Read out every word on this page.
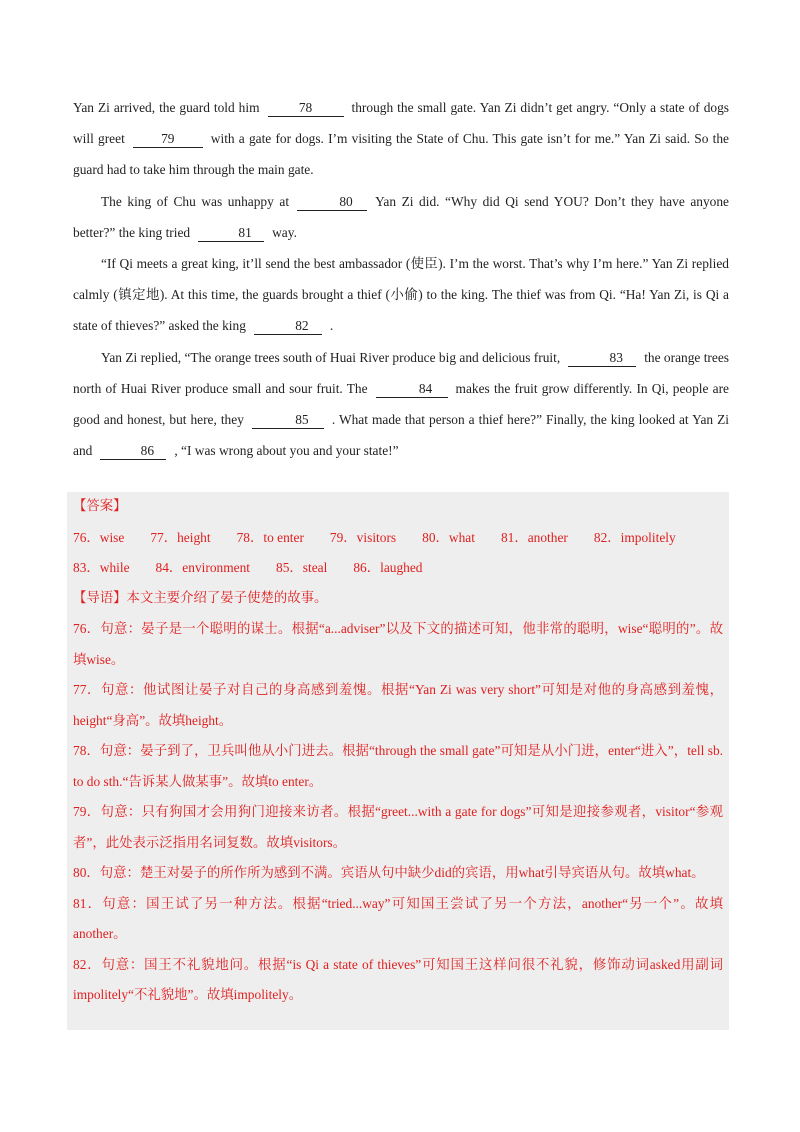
Yan Zi arrived, the guard told him	78	through the small gate. Yan Zi didn’t get angry. “Only a state of dogs will greet	79	with a gate for dogs. I’m visiting the State of Chu. This gate isn’t for me.” Yan Zi said. So the guard had to take him through the main gate.

The king of Chu was unhappy at	80 Yan Zi did. “Why did Qi send YOU? Don’t they have anyone better?” the king tried	81 way.

“If Qi meets a great king, it’ll send the best ambassador (使臣). I’m the worst. That’s why I’m here.” Yan Zi replied calmly (镇定地). At this time, the guards brought a thief (小偷) to the king. The thief was from Qi. “Ha! Yan Zi, is Qi a state of thieves?” asked the king	82 .

Yan Zi replied, “The orange trees south of Huai River produce big and delicious fruit,	83 the orange trees north of Huai River produce small and sour fruit. The	84 makes the fruit grow differently. In Qi, people are good and honest, but here, they	85 . What made that person a thief here?” Finally, the king looked at Yan Zi and	86 , “I was wrong about you and your state!”

【答案】
76．wise 77．height 78．to enter 79．visitors 80．what 81．another 82．impolitely
83．while 84．environment 85．steal 86．laughed
【导语】本文主要介绍了晏子使楚的故事。
76．句意：晏子是一个聪明的谋士。根据“a...adviser”以及下文的描述可知，他非常的聪明，wise“聪明的”。故填wise。
77．句意：他试图让晏子对自己的身高感到羞愧。根据“Yan Zi was very short”可知是对他的身高感到羞愧，height“身高”。故填height。
78．句意：晏子到了，卫兵叫他从小门进去。根据“through the small gate”可知是从小门进，enter“进入”，tell sb. to do sth.“告诉某人做某事”。故填to enter。
79．句意：只有狗国才会用狗门迎接来访者。根据“greet...with a gate for dogs”可知是迎接参观者，visitor“参观者”，此处表示泛指用名词复数。故填visitors。
80．句意：楚王对晏子的所作所为感到不满。宾语从句中缺少did的宾语，用what引导宾语从句。故填what。
81．句意：国王试了另一种方法。根据“tried...way”可知国王尝试了另一个方法，another“另一个”。故填another。
82．句意：国王不礼貌地问。根据“is Qi a state of thieves”可知国王这样问很不礼貌，修饰动词asked用副词impolitely“不礼貌地”。故填impolitely。
